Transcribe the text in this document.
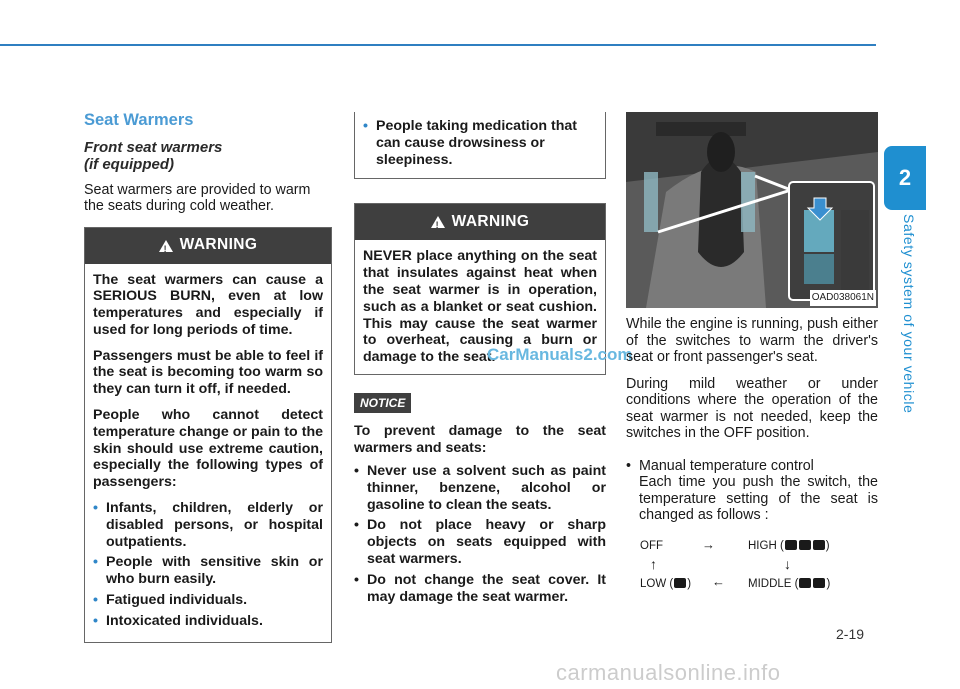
2
Safety system of your vehicle
Seat Warmers
Front seat warmers
(if equipped)
Seat warmers are provided to warm the seats during cold weather.
!
WARNING

The seat warmers can cause a SERIOUS BURN, even at low temperatures and especially if used for long periods of time.

Passengers must be able to feel if the seat is becoming too warm so they can turn it off, if needed.

People who cannot detect temperature change or pain to the skin should use extreme caution, especially the following types of passengers:

• Infants, children, elderly or disabled persons, or hospital outpatients.
• People with sensitive skin or who burn easily.
• Fatigued individuals.
• Intoxicated individuals.
• People taking medication that can cause drowsiness or sleepiness.
!
WARNING

NEVER place anything on the seat that insulates against heat when the seat warmer is in operation, such as a blanket or seat cushion. This may cause the seat warmer to overheat, causing a burn or damage to the seat.

NOTICE

To prevent damage to the seat warmers and seats:

• Never use a solvent such as paint thinner, benzene, alcohol or gasoline to clean the seats.
• Do not place heavy or sharp objects on seats equipped with seat warmers.
• Do not change the seat cover. It may damage the seat warmer.
CarManuals2.com
OAD038061N

While the engine is running, push either of the switches to warm the driver's seat or front passenger's seat.

During mild weather or under conditions where the operation of the seat warmer is not needed, keep the switches in the OFF position.

• Manual temperature control
Each time you push the switch, the temperature setting of the seat is changed as follows :
OFF	→	HIGH (	)
↑	↓
LOW ( ) ← MIDDLE ( )
2-19
carmanualsonline.info
